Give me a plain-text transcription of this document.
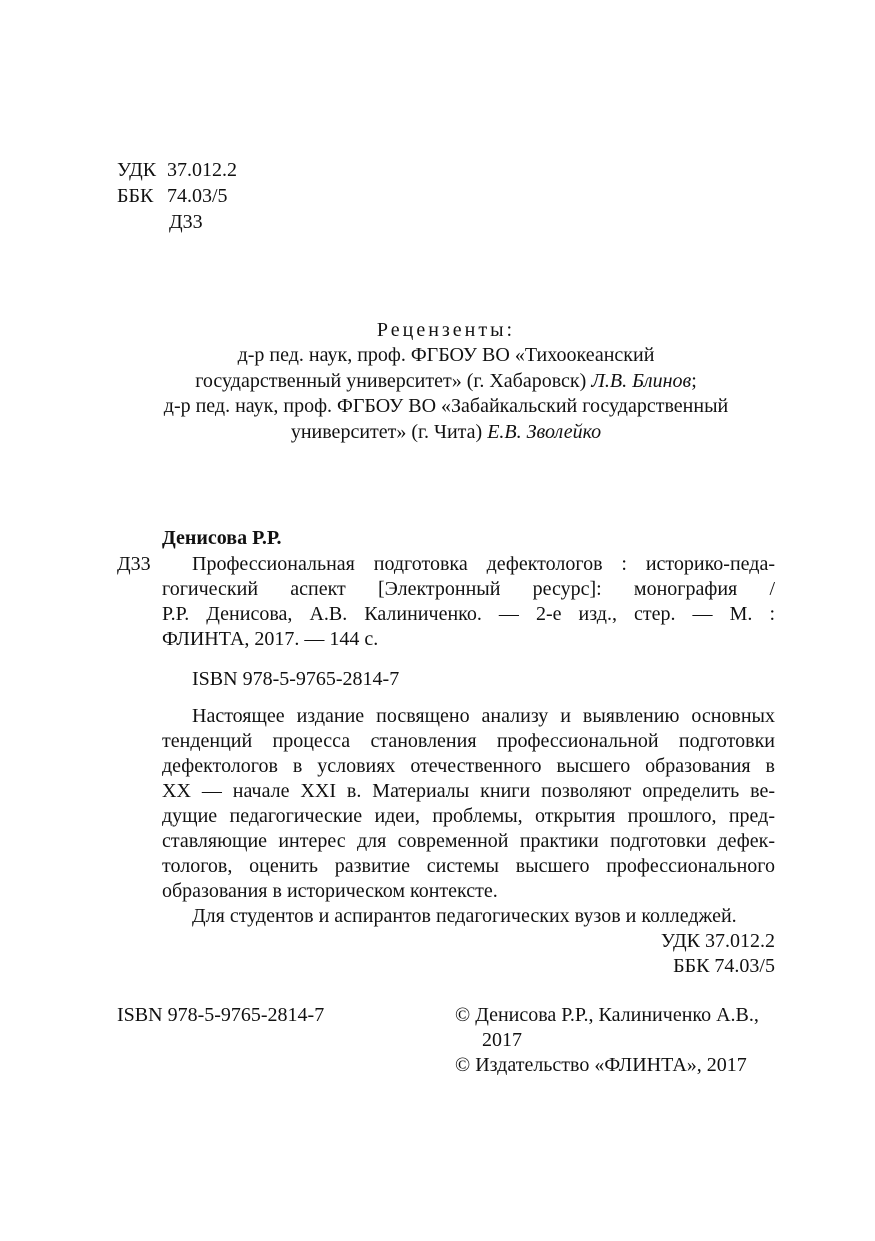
УДК 37.012.2
ББК 74.03/5
Д33
Рецензенты:

д-р пед. наук, проф. ФГБОУ ВО «Тихоокеанский

государственный университет» (г. Хабаровск) Л.В. Блинов;

д-р пед. наук, проф. ФГБОУ ВО «Забайкальский государственный

университет» (г. Чита) Е.В. Зволейко

Денисова Р.Р.
Д33	Профессиональная подготовка дефектологов : историко-педа-
гогический аспект [Электронный ресурс]: монография /
Р.Р. Денисова, А.В. Калиниченко. — 2-е изд., стер. — М. :
ФЛИНТА, 2017. — 144 с.
ISBN 978-5-9765-2814-7
Настоящее издание посвящено анализу и выявлению основных
тенденций процесса становления профессиональной подготовки
дефектологов в условиях отечественного высшего образования в
XX — начале XXI в. Материалы книги позволяют определить ве-
дущие педагогические идеи, проблемы, открытия прошлого, пред-
ставляющие интерес для современной практики подготовки дефек-
тологов, оценить развитие системы высшего профессионального
образования в историческом контексте.
Для студентов и аспирантов педагогических вузов и колледжей.
УДК 37.012.2
ББК 74.03/5
ISBN 978-5-9765-2814-7	© Денисова Р.Р., Калиниченко А.В.,
2017
© Издательство «ФЛИНТА», 2017
